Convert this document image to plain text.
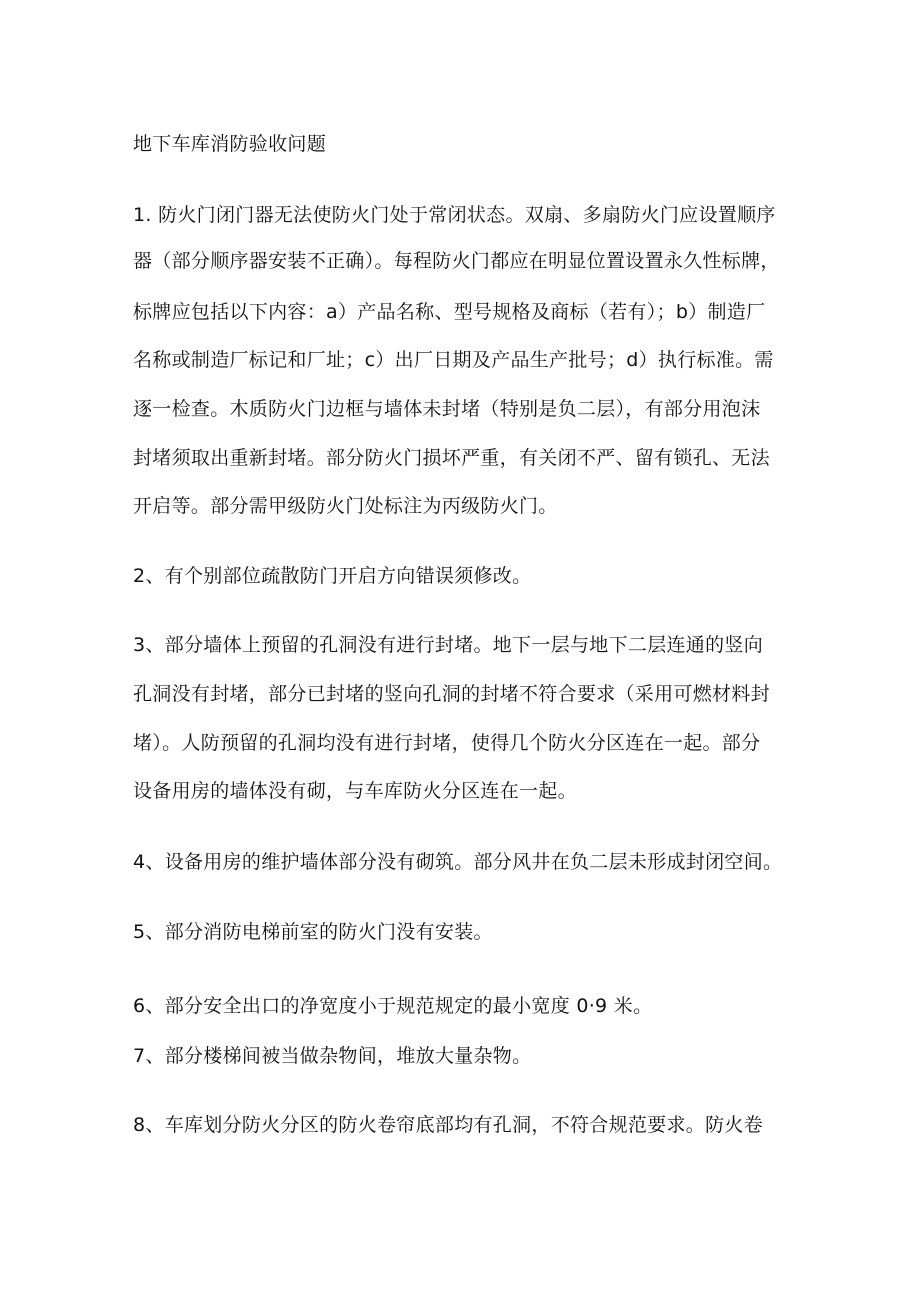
地下车库消防验收问题
1. 防火门闭门器无法使防火门处于常闭状态。双扇、多扇防火门应设置顺序
器（部分顺序器安装不正确）。每程防火门都应在明显位置设置永久性标牌，
标牌应包括以下内容：a）产品名称、型号规格及商标（若有）；b）制造厂
名称或制造厂标记和厂址；c）出厂日期及产品生产批号；d）执行标准。需
逐一检查。木质防火门边框与墙体未封堵（特别是负二层），有部分用泡沫
封堵须取出重新封堵。部分防火门损坏严重，有关闭不严、留有锁孔、无法
开启等。部分需甲级防火门处标注为丙级防火门。
2、有个别部位疏散防门开启方向错误须修改。
3、部分墙体上预留的孔洞没有进行封堵。地下一层与地下二层连通的竖向
孔洞没有封堵，部分已封堵的竖向孔洞的封堵不符合要求（采用可燃材料封
堵）。人防预留的孔洞均没有进行封堵，使得几个防火分区连在一起。部分
设备用房的墙体没有砌，与车库防火分区连在一起。
4、设备用房的维护墙体部分没有砌筑。部分风井在负二层未形成封闭空间。
5、部分消防电梯前室的防火门没有安装。
6、部分安全出口的净宽度小于规范规定的最小宽度 0·9 米。
7、部分楼梯间被当做杂物间，堆放大量杂物。
8、车库划分防火分区的防火卷帘底部均有孔洞，不符合规范要求。防火卷
